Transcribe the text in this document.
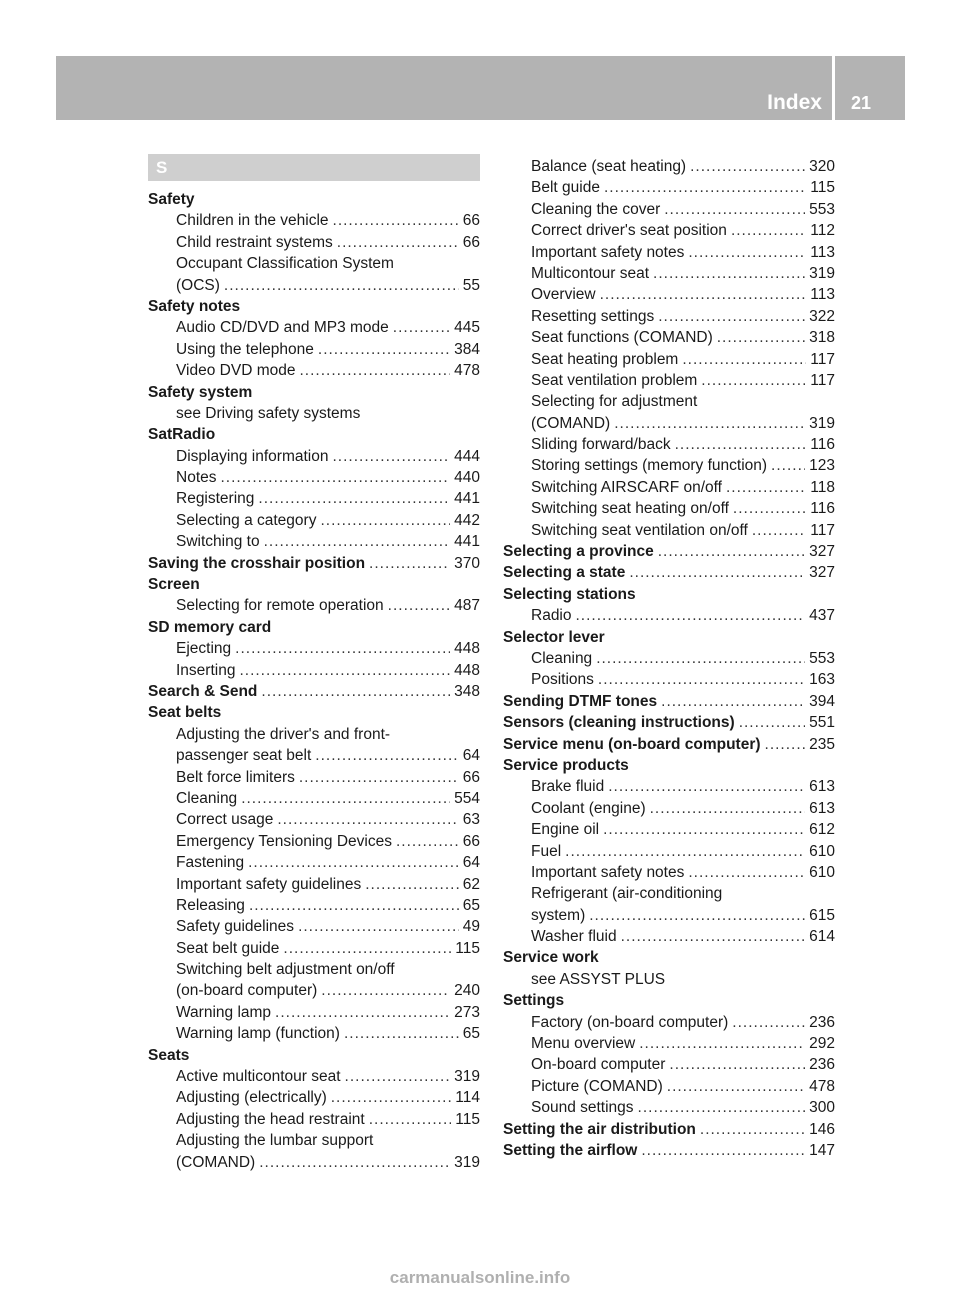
Index 21
S
Safety
Children in the vehicle .....	66
Child restraint systems .....	66
Occupant Classification System
(OCS) .....	55
Safety notes
Audio CD/DVD and MP3 mode .....	445
Using the telephone .....	384
Video DVD mode .....	478
Safety system
see Driving safety systems
SatRadio
Displaying information .....	444
Notes .....	440
Registering .....	441
Selecting a category .....	442
Switching to .....	441
Saving the crosshair position .....	370
Screen
Selecting for remote operation .....	487
SD memory card
Ejecting .....	448
Inserting .....	448
Search & Send .....	348
Seat belts
Adjusting the driver's and front-
passenger seat belt .....	64
Belt force limiters .....	66
Cleaning .....	554
Correct usage .....	63
Emergency Tensioning Devices .....	66
Fastening .....	64
Important safety guidelines .....	62
Releasing .....	65
Safety guidelines .....	49
Seat belt guide .....	115
Switching belt adjustment on/off
(on-board computer) .....	240
Warning lamp .....	273
Warning lamp (function) .....	65
Seats
Active multicontour seat .....	319
Adjusting (electrically) .....	114
Adjusting the head restraint .....	115
Adjusting the lumbar support
(COMAND) .....	319
Balance (seat heating) .....	320
Belt guide .....	115
Cleaning the cover .....	553
Correct driver's seat position .....	112
Important safety notes .....	113
Multicontour seat .....	319
Overview .....	113
Resetting settings .....	322
Seat functions (COMAND) .....	318
Seat heating problem .....	117
Seat ventilation problem .....	117
Selecting for adjustment
(COMAND) .....	319
Sliding forward/back .....	116
Storing settings (memory function) .....	123
Switching AIRSCARF on/off .....	118
Switching seat heating on/off .....	116
Switching seat ventilation on/off .....	117
Selecting a province .....	327
Selecting a state .....	327
Selecting stations
Radio .....	437
Selector lever
Cleaning .....	553
Positions .....	163
Sending DTMF tones .....	394
Sensors (cleaning instructions) .....	551
Service menu (on-board computer) .....	235
Service products
Brake fluid .....	613
Coolant (engine) .....	613
Engine oil .....	612
Fuel .....	610
Important safety notes .....	610
Refrigerant (air-conditioning
system) .....	615
Washer fluid .....	614
Service work
see ASSYST PLUS
Settings
Factory (on-board computer) .....	236
Menu overview .....	292
On-board computer .....	236
Picture (COMAND) .....	478
Sound settings .....	300
Setting the air distribution .....	146
Setting the airflow .....	147
carmanualsonline.info
